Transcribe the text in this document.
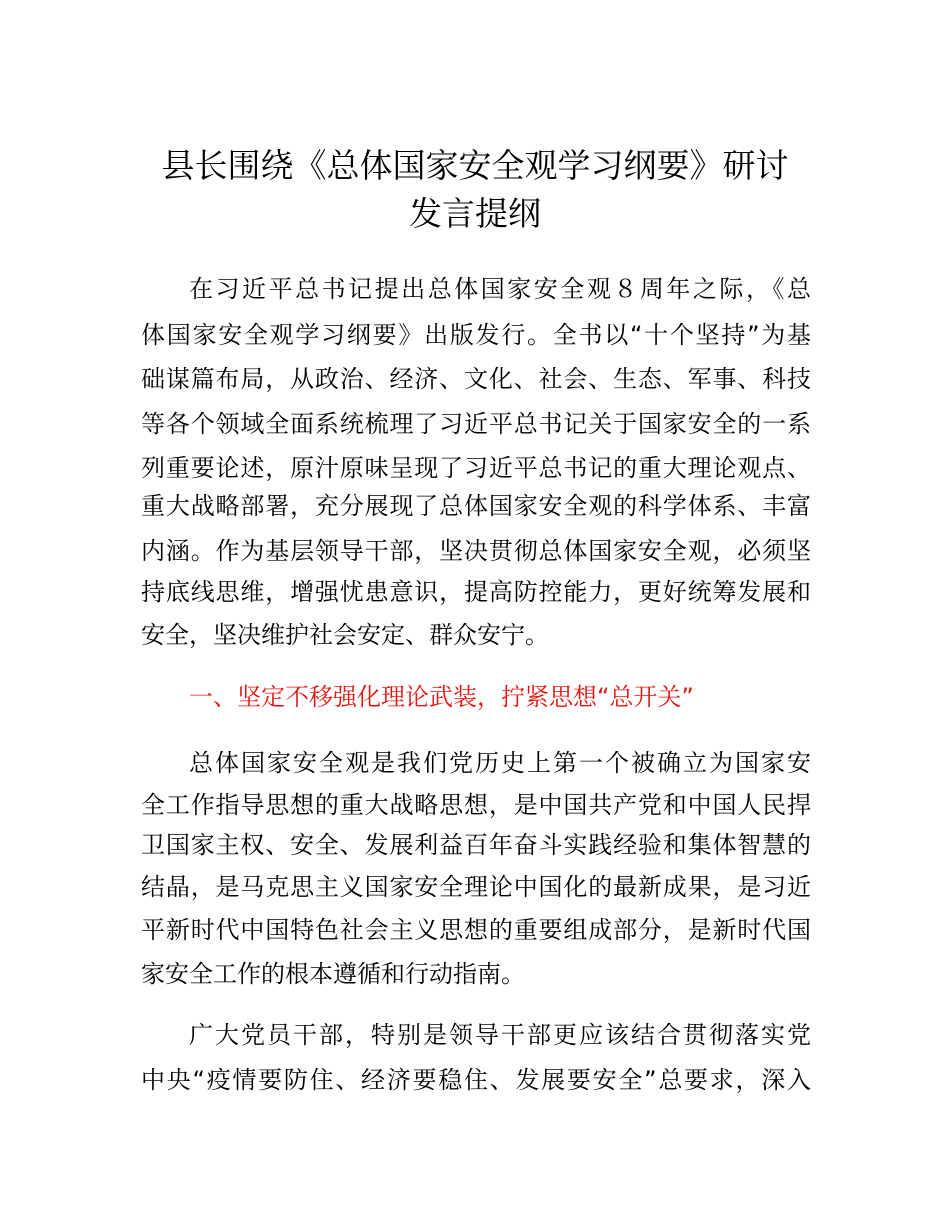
县长围绕《总体国家安全观学习纲要》研讨
发言提纲

在习近平总书记提出总体国家安全观８周年之际，《总

体国家安全观学习纲要》出版发行。全书以“十个坚持”为基

础谋篇布局，从政治、经济、文化、社会、生态、军事、科技

等各个领域全面系统梳理了习近平总书记关于国家安全的一系

列重要论述，原汁原味呈现了习近平总书记的重大理论观点、

重大战略部署，充分展现了总体国家安全观的科学体系、丰富

内涵。作为基层领导干部，坚决贯彻总体国家安全观，必须坚

持底线思维，增强忧患意识，提高防控能力，更好统筹发展和

安全，坚决维护社会安定、群众安宁。

一、坚定不移强化理论武装，拧紧思想“总开关”

总体国家安全观是我们党历史上第一个被确立为国家安

全工作指导思想的重大战略思想，是中国共产党和中国人民捍

卫国家主权、安全、发展利益百年奋斗实践经验和集体智慧的

结晶，是马克思主义国家安全理论中国化的最新成果，是习近

平新时代中国特色社会主义思想的重要组成部分，是新时代国

家安全工作的根本遵循和行动指南。

广大党员干部，特别是领导干部更应该结合贯彻落实党

中央“疫情要防住、经济要稳住、发展要安全”总要求，深入
